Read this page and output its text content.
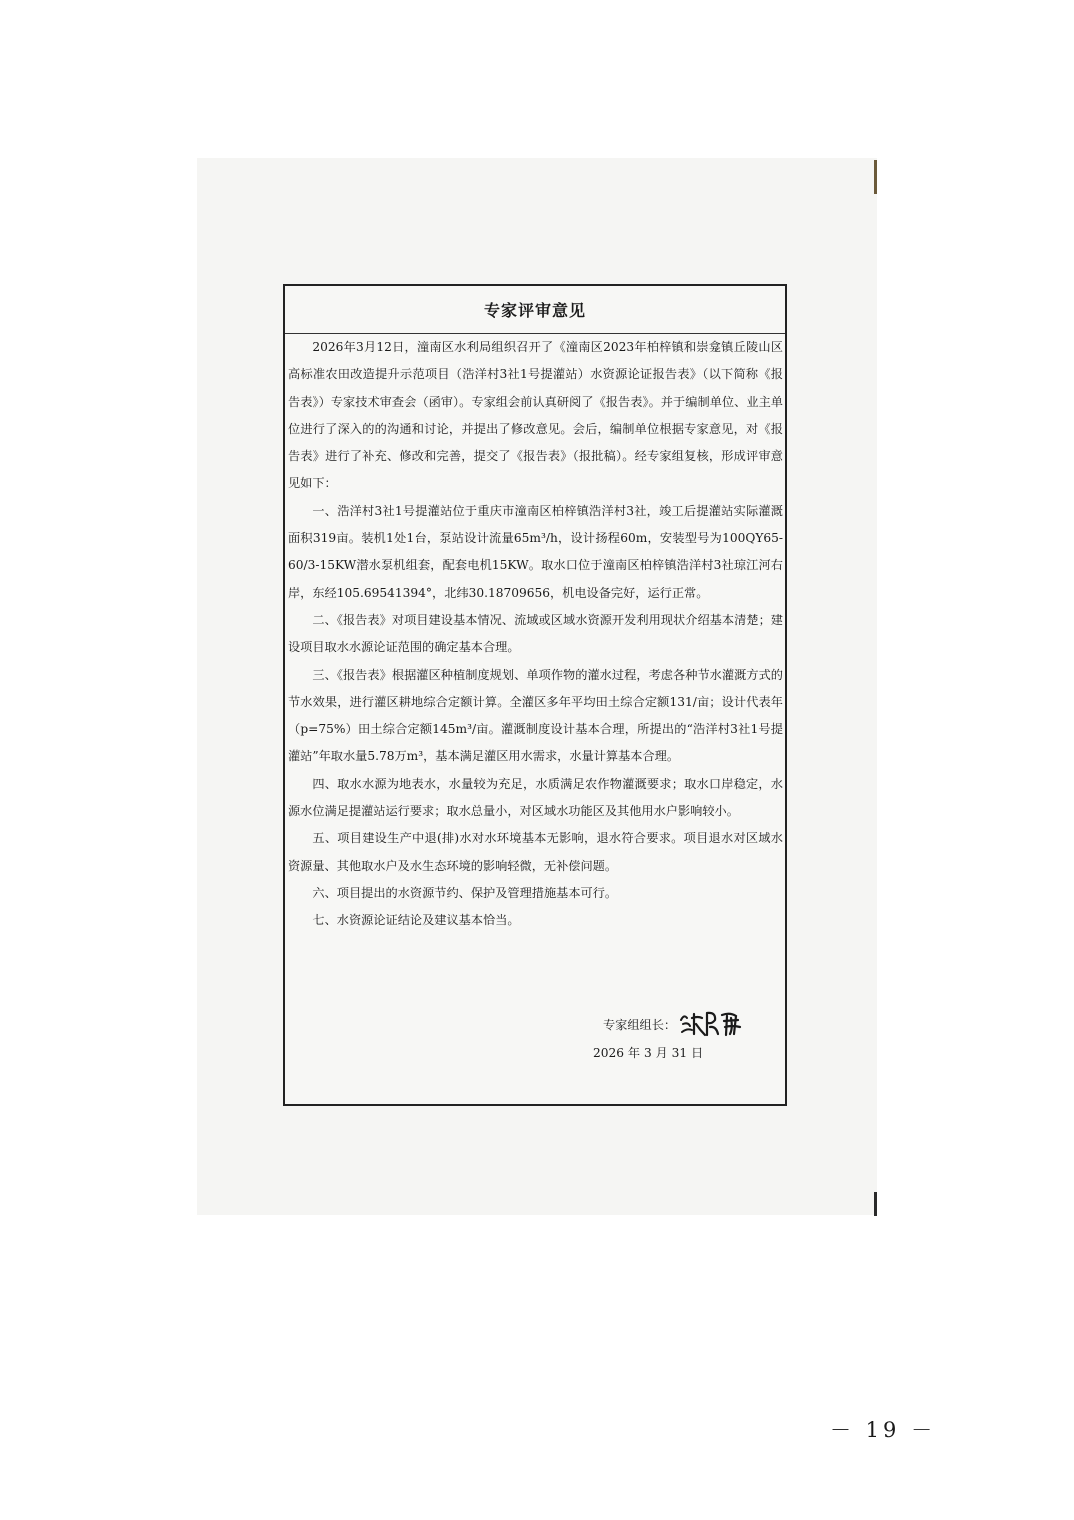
专家评审意见

2026年3月12日，潼南区水利局组织召开了《潼南区2023年柏梓镇和崇龛镇丘陵山区高标准农田改造提升示范项目（浩洋村3社1号提灌站）水资源论证报告表》（以下简称《报告表》）专家技术审查会（函审）。专家组会前认真研阅了《报告表》。并于编制单位、业主单位进行了深入的的沟通和讨论，并提出了修改意见。会后，编制单位根据专家意见，对《报告表》进行了补充、修改和完善，提交了《报告表》（报批稿）。经专家组复核，形成评审意见如下：

一、浩洋村3社1号提灌站位于重庆市潼南区柏梓镇浩洋村3社，竣工后提灌站实际灌溉面积319亩。装机1处1台，泵站设计流量65m³/h，设计扬程60m，安装型号为100QY65-60/3-15KW潜水泵机组套，配套电机15KW。取水口位于潼南区柏梓镇浩洋村3社琼江河右岸，东经105.69541394°，北纬30.18709656，机电设备完好，运行正常。

二、《报告表》对项目建设基本情况、流域或区域水资源开发利用现状介绍基本清楚；建设项目取水水源论证范围的确定基本合理。

三、《报告表》根据灌区种植制度规划、单项作物的灌水过程，考虑各种节水灌溉方式的节水效果，进行灌区耕地综合定额计算。全灌区多年平均田土综合定额131/亩；设计代表年（p=75%）田土综合定额145m³/亩。灌溉制度设计基本合理，所提出的“浩洋村3社1号提灌站”年取水量5.78万m³，基本满足灌区用水需求，水量计算基本合理。

四、取水水源为地表水，水量较为充足，水质满足农作物灌溉要求；取水口岸稳定，水源水位满足提灌站运行要求；取水总量小，对区域水功能区及其他用水户影响较小。

五、项目建设生产中退(排)水对水环境基本无影响，退水符合要求。项目退水对区域水资源量、其他取水户及水生态环境的影响轻微，无补偿问题。

六、项目提出的水资源节约、保护及管理措施基本可行。

七、水资源论证结论及建议基本恰当。

专家组组长：
2026 年 3 月 31 日
－ 19 －
